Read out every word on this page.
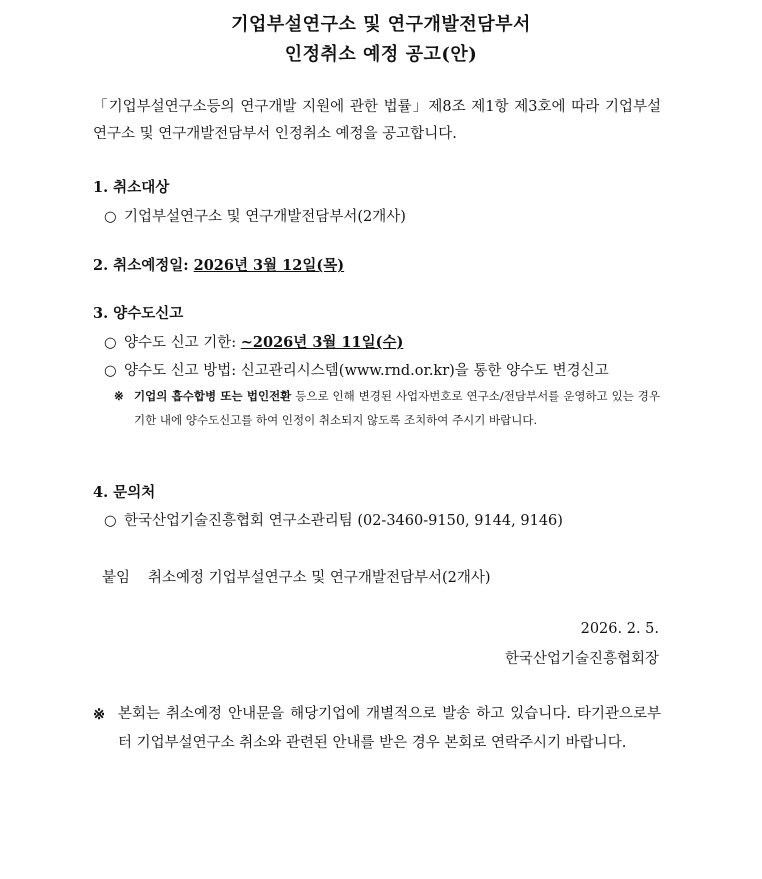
기업부설연구소 및 연구개발전담부서
인정취소 예정 공고(안)
「기업부설연구소등의 연구개발 지원에 관한 법률」제8조 제1항 제3호에 따라 기업부설연구소 및 연구개발전담부서 인정취소 예정을 공고합니다.
1. 취소대상
○ 기업부설연구소 및 연구개발전담부서(2개사)
2. 취소예정일: 2026년 3월 12일(목)
3. 양수도신고
○ 양수도 신고 기한: ~2026년 3월 11일(수)
○ 양수도 신고 방법: 신고관리시스템(www.rnd.or.kr)을 통한 양수도 변경신고
※ 기업의 흡수합병 또는 법인전환 등으로 인해 변경된 사업자번호로 연구소/전담부서를 운영하고 있는 경우 기한 내에 양수도신고를 하여 인정이 취소되지 않도록 조치하여 주시기 바랍니다.
4. 문의처
○ 한국산업기술진흥협회 연구소관리팀 (02-3460-9150, 9144, 9146)
붙임 취소예정 기업부설연구소 및 연구개발전담부서(2개사)
2026. 2. 5.
한국산업기술진흥협회장
※ 본회는 취소예정 안내문을 해당기업에 개별적으로 발송 하고 있습니다. 타기관으로부터 기업부설연구소 취소와 관련된 안내를 받은 경우 본회로 연락주시기 바랍니다.
